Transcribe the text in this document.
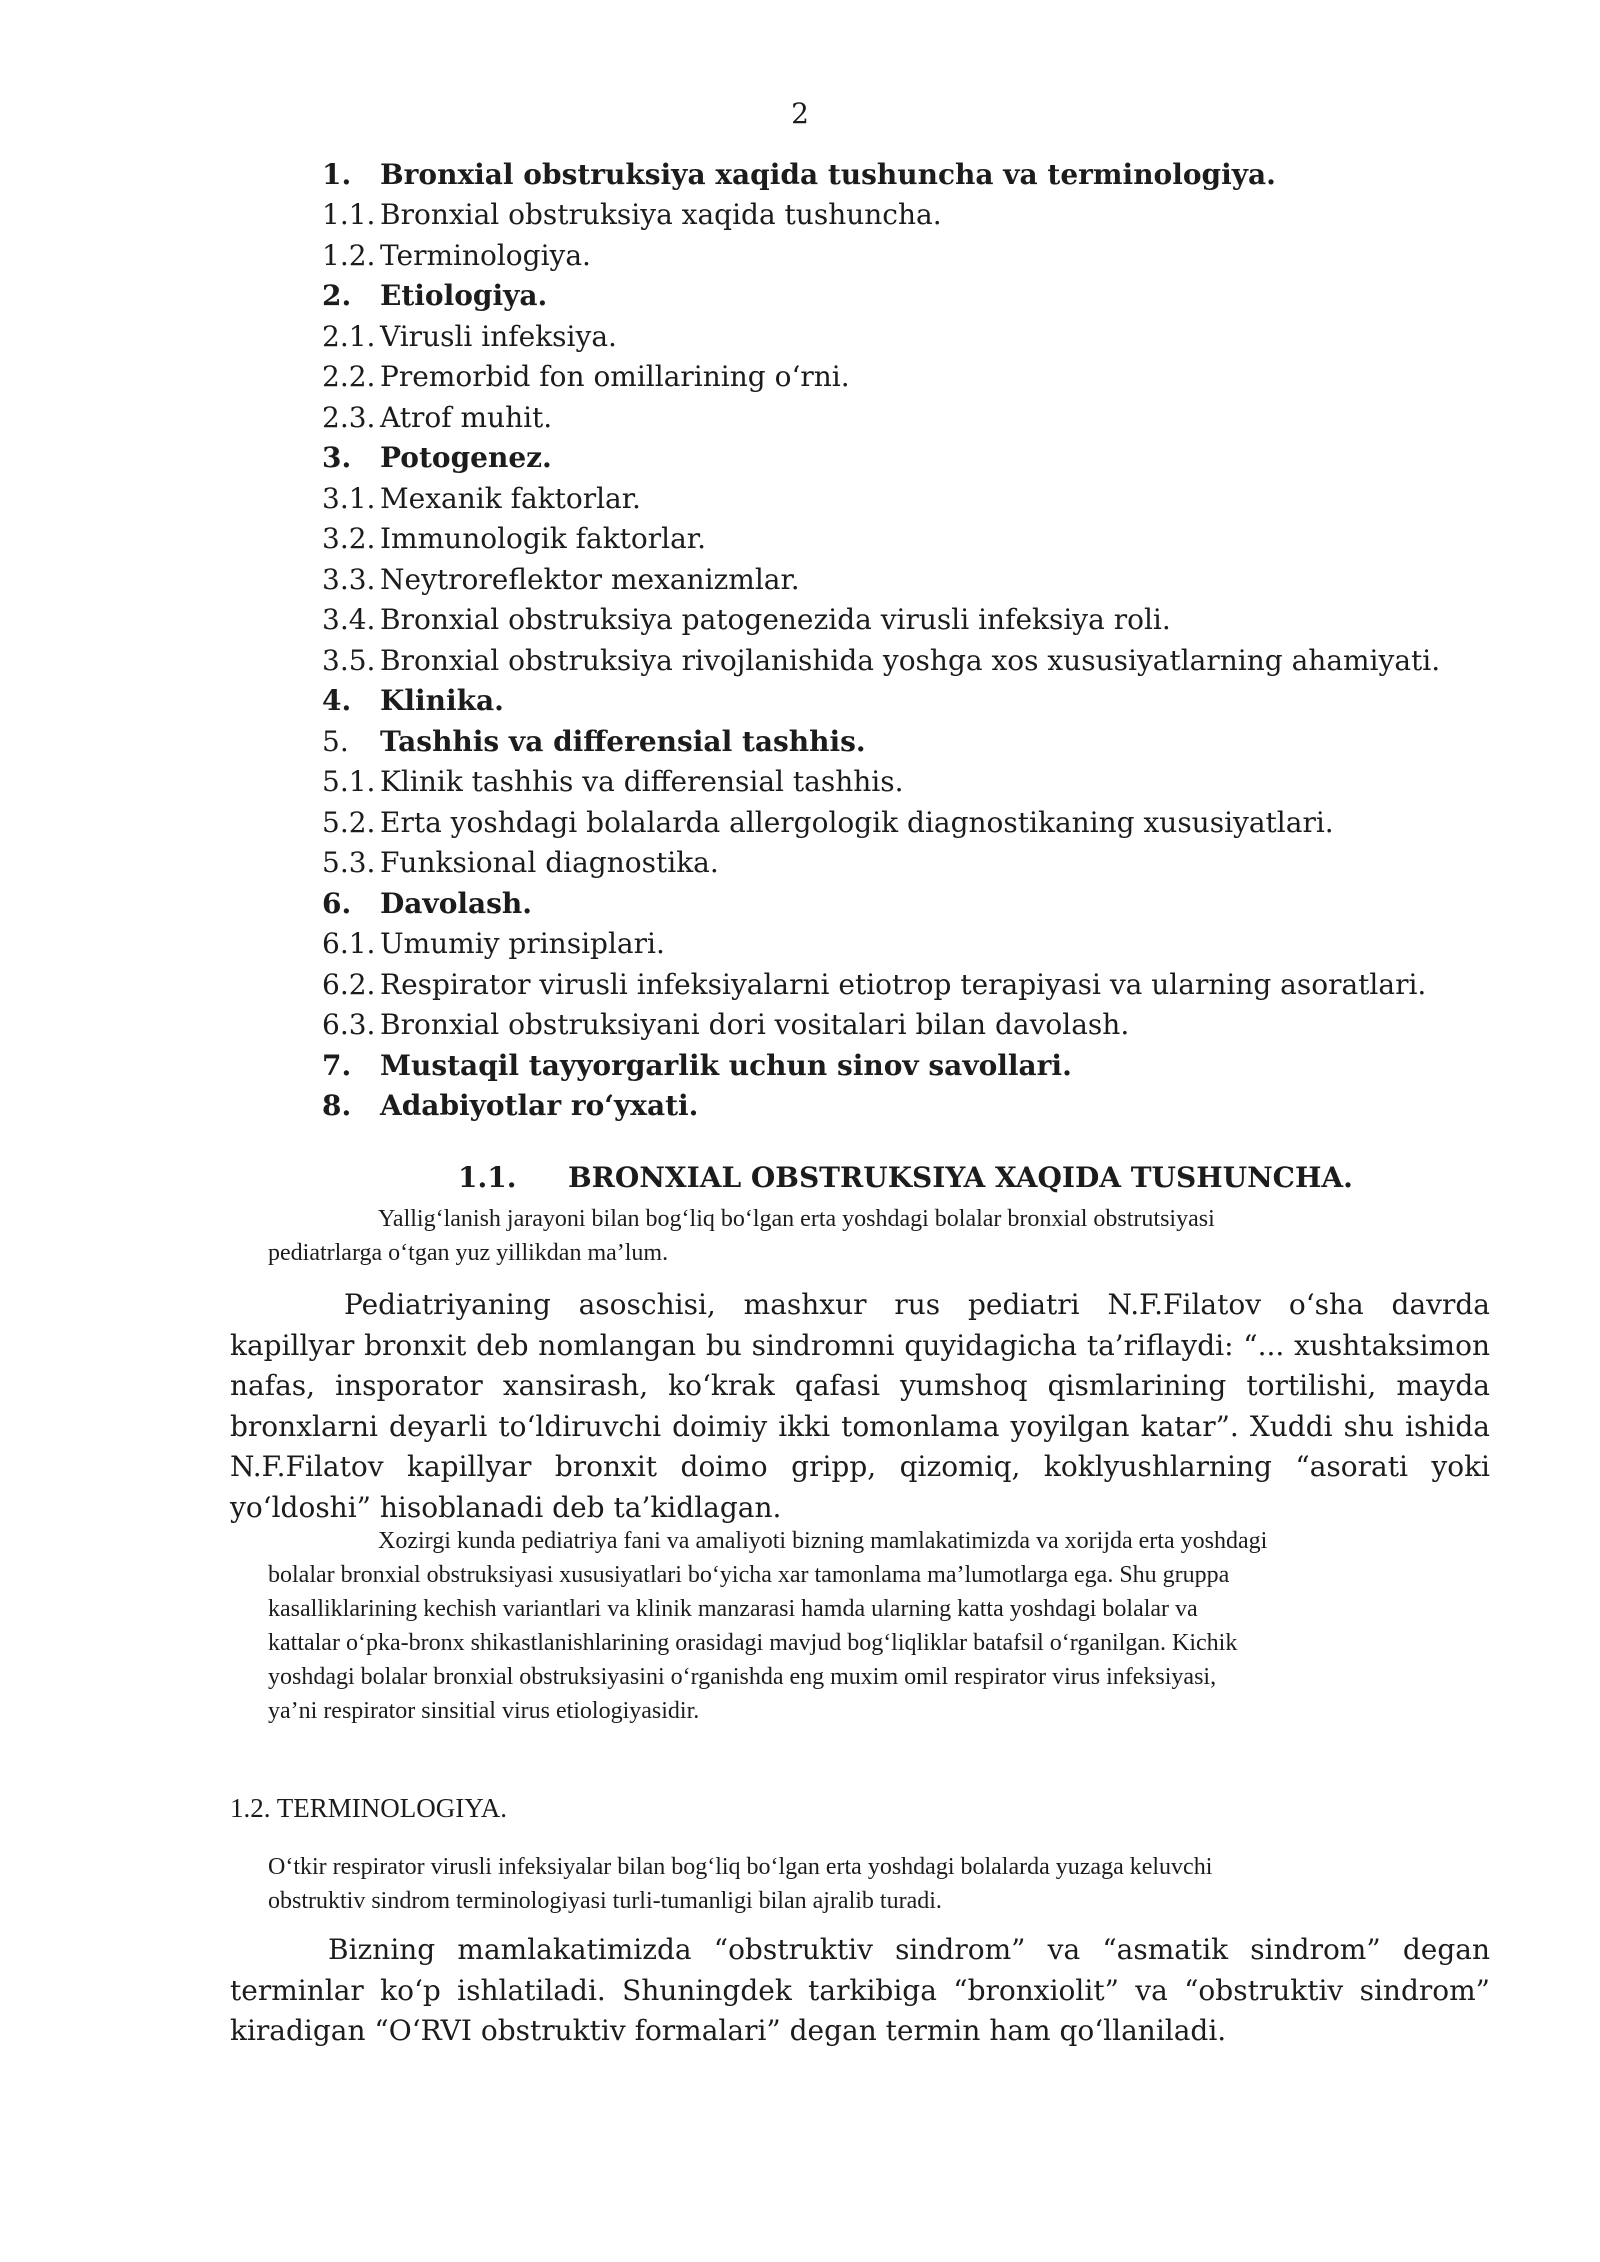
2
1.	Bronxial obstruksiya xaqida tushuncha va terminologiya.
1.1. Bronxial obstruksiya xaqida tushuncha.
1.2. Terminologiya.
2.	Etiologiya.
2.1. Virusli infeksiya.
2.2. Premorbid fon omillarining o‘rni.
2.3. Atrof muhit.
3.	Potogenez.
3.1. Mexanik faktorlar.
3.2. Immunologik faktorlar.
3.3. Neytroreflektor mexanizmlar.
3.4. Bronxial obstruksiya patogenezida virusli infeksiya roli.
3.5. Bronxial obstruksiya rivojlanishida yoshga xos xususiyatlarning ahamiyati.
4.	Klinika.
5.	Tashhis va differensial tashhis.
5.1. Klinik tashhis va differensial tashhis.
5.2. Erta yoshdagi bolalarda allergologik diagnostikaning xususiyatlari.
5.3. Funksional diagnostika.
6.	Davolash.
6.1. Umumiy prinsiplari.
6.2. Respirator virusli infeksiyalarni etiotrop terapiyasi va ularning asoratlari.
6.3. Bronxial obstruksiyani dori vositalari bilan davolash.
7.	Mustaqil tayyorgarlik uchun sinov savollari.
8.	Adabiyotlar ro‘yxati.
1.1. BRONXIAL OBSTRUKSIYA XAQIDA TUSHUNCHA.
Yallig‘lanish jarayoni bilan bog‘liq bo‘lgan erta yoshdagi bolalar bronxial obstrutsiyasi
pediatrlarga o‘tgan yuz yillikdan ma’lum.
Pediatriyaning asoschisi, mashxur rus pediatri N.F.Filatov o‘sha davrda kapillyar bronxit deb nomlangan bu sindromni quyidagicha ta’riflaydi: “... xushtaksimon nafas, insporator xansirash, ko‘krak qafasi yumshoq qismlarining tortilishi, mayda bronxlarni deyarli to‘ldiruvchi doimiy ikki tomonlama yoyilgan katar”. Xuddi shu ishida N.F.Filatov kapillyar bronxit doimo gripp, qizomiq, koklyushlarning “asorati yoki yo‘ldoshi” hisoblanadi deb ta’kidlagan.
Xozirgi kunda pediatriya fani va amaliyoti bizning mamlakatimizda va xorijda erta yoshdagi
bolalar bronxial obstruksiyasi xususiyatlari bo‘yicha xar tamonlama ma’lumotlarga ega. Shu gruppa
kasalliklarining kechish variantlari va klinik manzarasi hamda ularning katta yoshdagi bolalar va
kattalar o‘pka-bronx shikastlanishlarining orasidagi mavjud bog‘liqliklar batafsil o‘rganilgan. Kichik
yoshdagi bolalar bronxial obstruksiyasini o‘rganishda eng muxim omil respirator virus infeksiyasi,
ya’ni respirator sinsitial virus etiologiyasidir.
1.2. TERMINOLOGIYA.
O‘tkir respirator virusli infeksiyalar bilan bog‘liq bo‘lgan erta yoshdagi bolalarda yuzaga keluvchi
obstruktiv sindrom terminologiyasi turli-tumanligi bilan ajralib turadi.
Bizning mamlakatimizda “obstruktiv sindrom” va “asmatik sindrom” degan terminlar ko‘p ishlatiladi. Shuningdek tarkibiga “bronxiolit” va “obstruktiv sindrom” kiradigan “O‘RVI obstruktiv formalari” degan termin ham qo‘llaniladi.
